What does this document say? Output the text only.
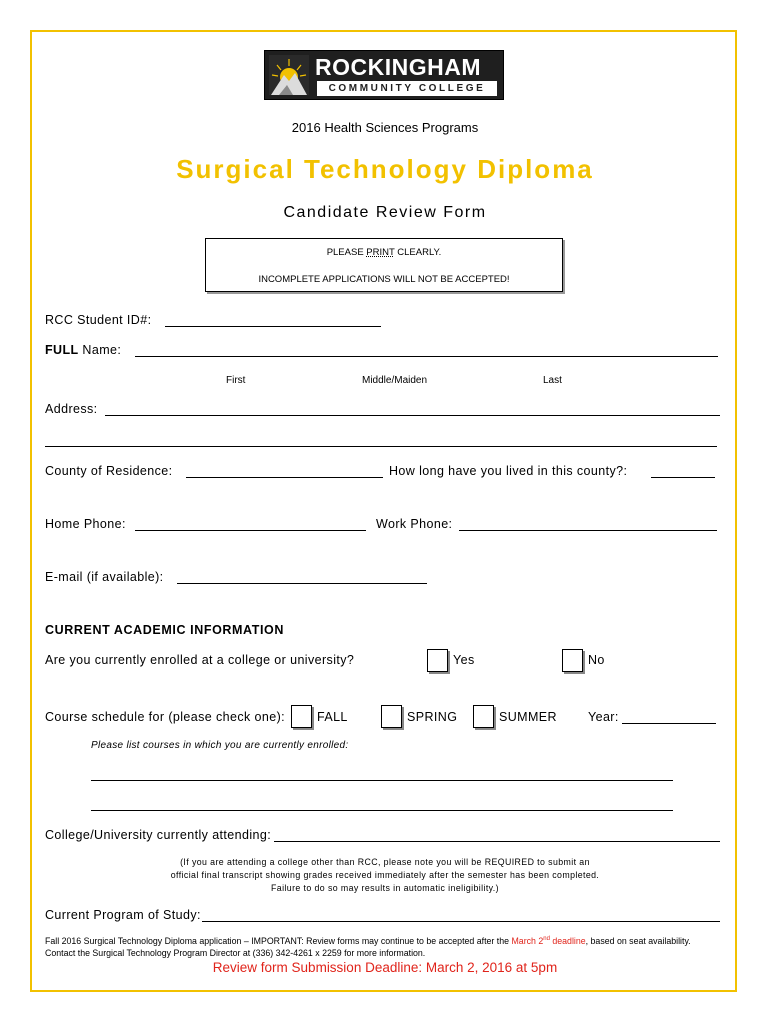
ROCKINGHAM
COMMUNITY COLLEGE
2016 Health Sciences Programs
Surgical Technology Diploma
Candidate Review Form
PLEASE PRINT CLEARLY.
INCOMPLETE APPLICATIONS WILL NOT BE ACCEPTED!
RCC Student ID#:
FULL Name:
First	Middle/Maiden	Last
Address:
County of Residence:	How long have you lived in this county?:
Home Phone:	Work Phone:
E-mail (if available):
CURRENT ACADEMIC INFORMATION
Are you currently enrolled at a college or university?	Yes	No
Course schedule for (please check one):	FALL	SPRING	SUMMER Year:
Please list courses in which you are currently enrolled:
College/University currently attending:
(If you are attending a college other than RCC, please note you will be REQUIRED to submit an
official final transcript showing grades received immediately after the semester has been completed.
Failure to do so may results in automatic ineligibility.)
Current Program of Study:
Fall 2016 Surgical Technology Diploma application – IMPORTANT: Review forms may continue to be accepted after the March 2nd deadline, based on seat availability.
Contact the Surgical Technology Program Director at (336) 342-4261 x 2259 for more information.
Review form Submission Deadline: March 2, 2016 at 5pm
